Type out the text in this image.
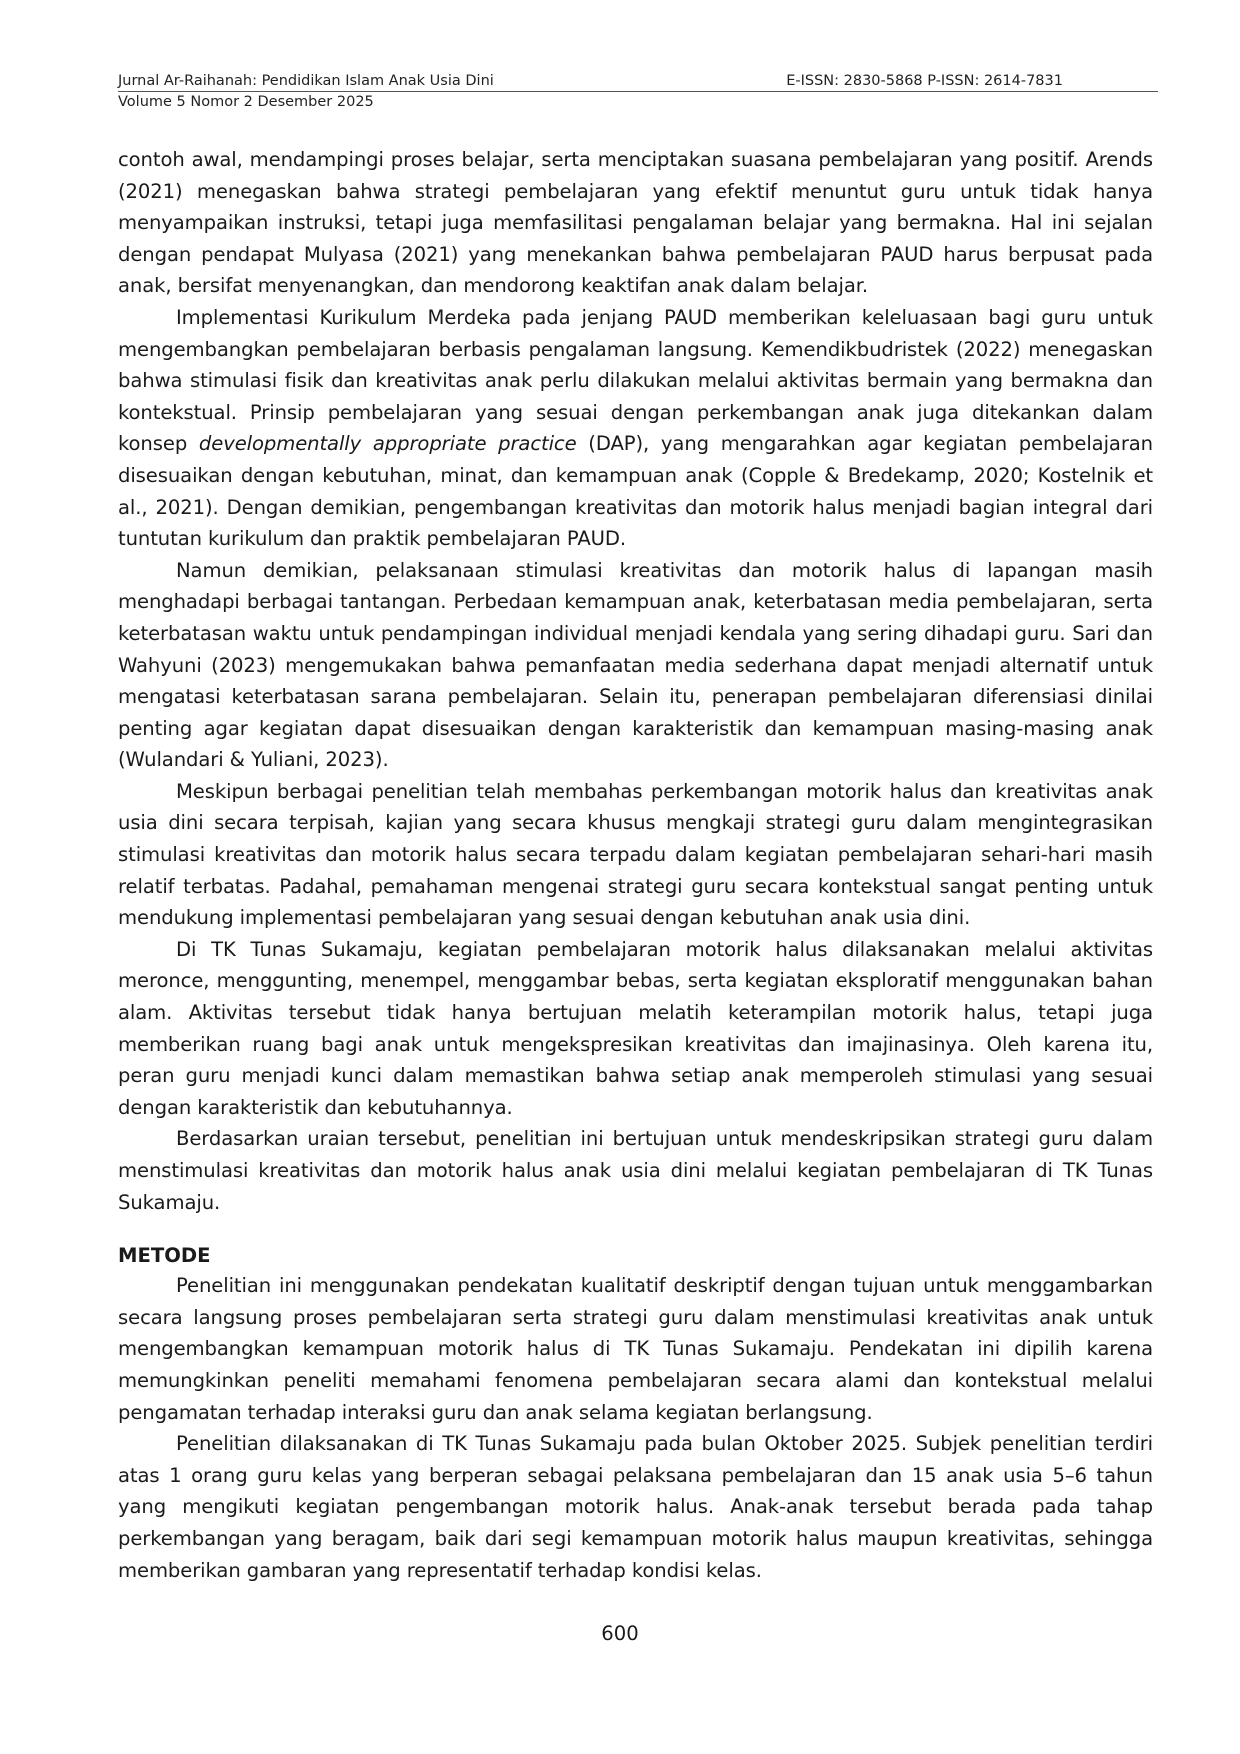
Jurnal Ar-Raihanah: Pendidikan Islam Anak Usia Dini	E-ISSN: 2830-5868 P-ISSN: 2614-7831
Volume 5 Nomor 2 Desember 2025

contoh awal, mendampingi proses belajar, serta menciptakan suasana pembelajaran yang positif. Arends (2021) menegaskan bahwa strategi pembelajaran yang efektif menuntut guru untuk tidak hanya menyampaikan instruksi, tetapi juga memfasilitasi pengalaman belajar yang bermakna. Hal ini sejalan dengan pendapat Mulyasa (2021) yang menekankan bahwa pembelajaran PAUD harus berpusat pada anak, bersifat menyenangkan, dan mendorong keaktifan anak dalam belajar.

Implementasi Kurikulum Merdeka pada jenjang PAUD memberikan keleluasaan bagi guru untuk mengembangkan pembelajaran berbasis pengalaman langsung. Kemendikbudristek (2022) menegaskan bahwa stimulasi fisik dan kreativitas anak perlu dilakukan melalui aktivitas bermain yang bermakna dan kontekstual. Prinsip pembelajaran yang sesuai dengan perkembangan anak juga ditekankan dalam konsep developmentally appropriate practice (DAP), yang mengarahkan agar kegiatan pembelajaran disesuaikan dengan kebutuhan, minat, dan kemampuan anak (Copple & Bredekamp, 2020; Kostelnik et al., 2021). Dengan demikian, pengembangan kreativitas dan motorik halus menjadi bagian integral dari tuntutan kurikulum dan praktik pembelajaran PAUD.

Namun demikian, pelaksanaan stimulasi kreativitas dan motorik halus di lapangan masih menghadapi berbagai tantangan. Perbedaan kemampuan anak, keterbatasan media pembelajaran, serta keterbatasan waktu untuk pendampingan individual menjadi kendala yang sering dihadapi guru. Sari dan Wahyuni (2023) mengemukakan bahwa pemanfaatan media sederhana dapat menjadi alternatif untuk mengatasi keterbatasan sarana pembelajaran. Selain itu, penerapan pembelajaran diferensiasi dinilai penting agar kegiatan dapat disesuaikan dengan karakteristik dan kemampuan masing-masing anak (Wulandari & Yuliani, 2023).

Meskipun berbagai penelitian telah membahas perkembangan motorik halus dan kreativitas anak usia dini secara terpisah, kajian yang secara khusus mengkaji strategi guru dalam mengintegrasikan stimulasi kreativitas dan motorik halus secara terpadu dalam kegiatan pembelajaran sehari-hari masih relatif terbatas. Padahal, pemahaman mengenai strategi guru secara kontekstual sangat penting untuk mendukung implementasi pembelajaran yang sesuai dengan kebutuhan anak usia dini.

Di TK Tunas Sukamaju, kegiatan pembelajaran motorik halus dilaksanakan melalui aktivitas meronce, menggunting, menempel, menggambar bebas, serta kegiatan eksploratif menggunakan bahan alam. Aktivitas tersebut tidak hanya bertujuan melatih keterampilan motorik halus, tetapi juga memberikan ruang bagi anak untuk mengekspresikan kreativitas dan imajinasinya. Oleh karena itu, peran guru menjadi kunci dalam memastikan bahwa setiap anak memperoleh stimulasi yang sesuai dengan karakteristik dan kebutuhannya.

Berdasarkan uraian tersebut, penelitian ini bertujuan untuk mendeskripsikan strategi guru dalam menstimulasi kreativitas dan motorik halus anak usia dini melalui kegiatan pembelajaran di TK Tunas Sukamaju.

METODE

Penelitian ini menggunakan pendekatan kualitatif deskriptif dengan tujuan untuk menggambarkan secara langsung proses pembelajaran serta strategi guru dalam menstimulasi kreativitas anak untuk mengembangkan kemampuan motorik halus di TK Tunas Sukamaju. Pendekatan ini dipilih karena memungkinkan peneliti memahami fenomena pembelajaran secara alami dan kontekstual melalui pengamatan terhadap interaksi guru dan anak selama kegiatan berlangsung.

Penelitian dilaksanakan di TK Tunas Sukamaju pada bulan Oktober 2025. Subjek penelitian terdiri atas 1 orang guru kelas yang berperan sebagai pelaksana pembelajaran dan 15 anak usia 5–6 tahun yang mengikuti kegiatan pengembangan motorik halus. Anak-anak tersebut berada pada tahap perkembangan yang beragam, baik dari segi kemampuan motorik halus maupun kreativitas, sehingga memberikan gambaran yang representatif terhadap kondisi kelas.

600
